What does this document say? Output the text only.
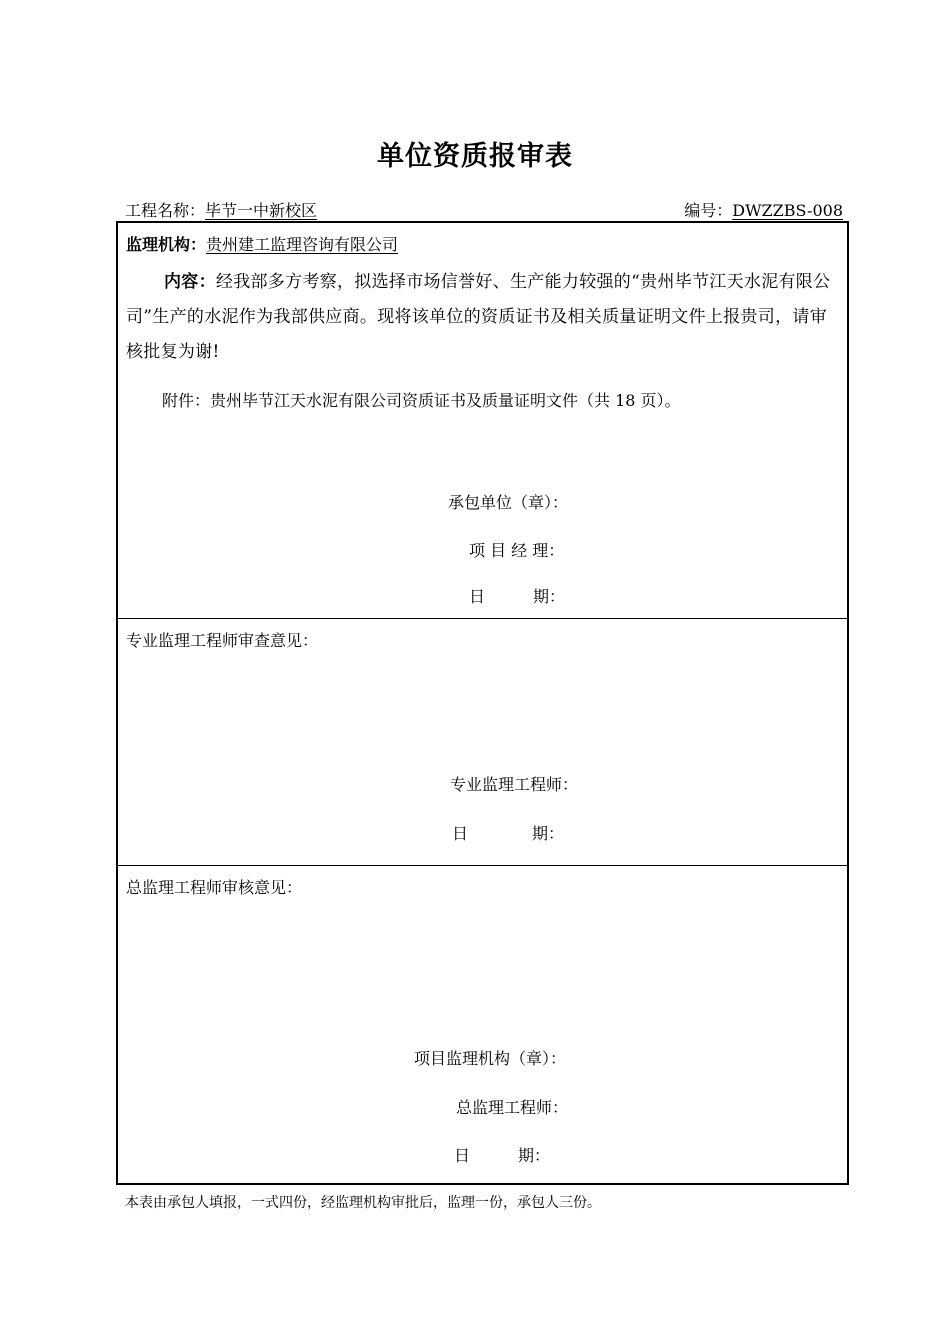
单位资质报审表
工程名称：毕节一中新校区	编号：DWZZBS-008
监理机构：贵州建工监理咨询有限公司
内容：经我部多方考察，拟选择市场信誉好、生产能力较强的“贵州毕节江天水泥有限公司”生产的水泥作为我部供应商。现将该单位的资质证书及相关质量证明文件上报贵司，请审核批复为谢!
附件：贵州毕节江天水泥有限公司资质证书及质量证明文件（共 18 页）。
承包单位（章）：
项 目 经 理：
日　　　期：
专业监理工程师审查意见：
专业监理工程师：
日　　　　期：
总监理工程师审核意见：
项目监理机构（章）：
总监理工程师：
日　　　期：
本表由承包人填报，一式四份，经监理机构审批后，监理一份，承包人三份。
